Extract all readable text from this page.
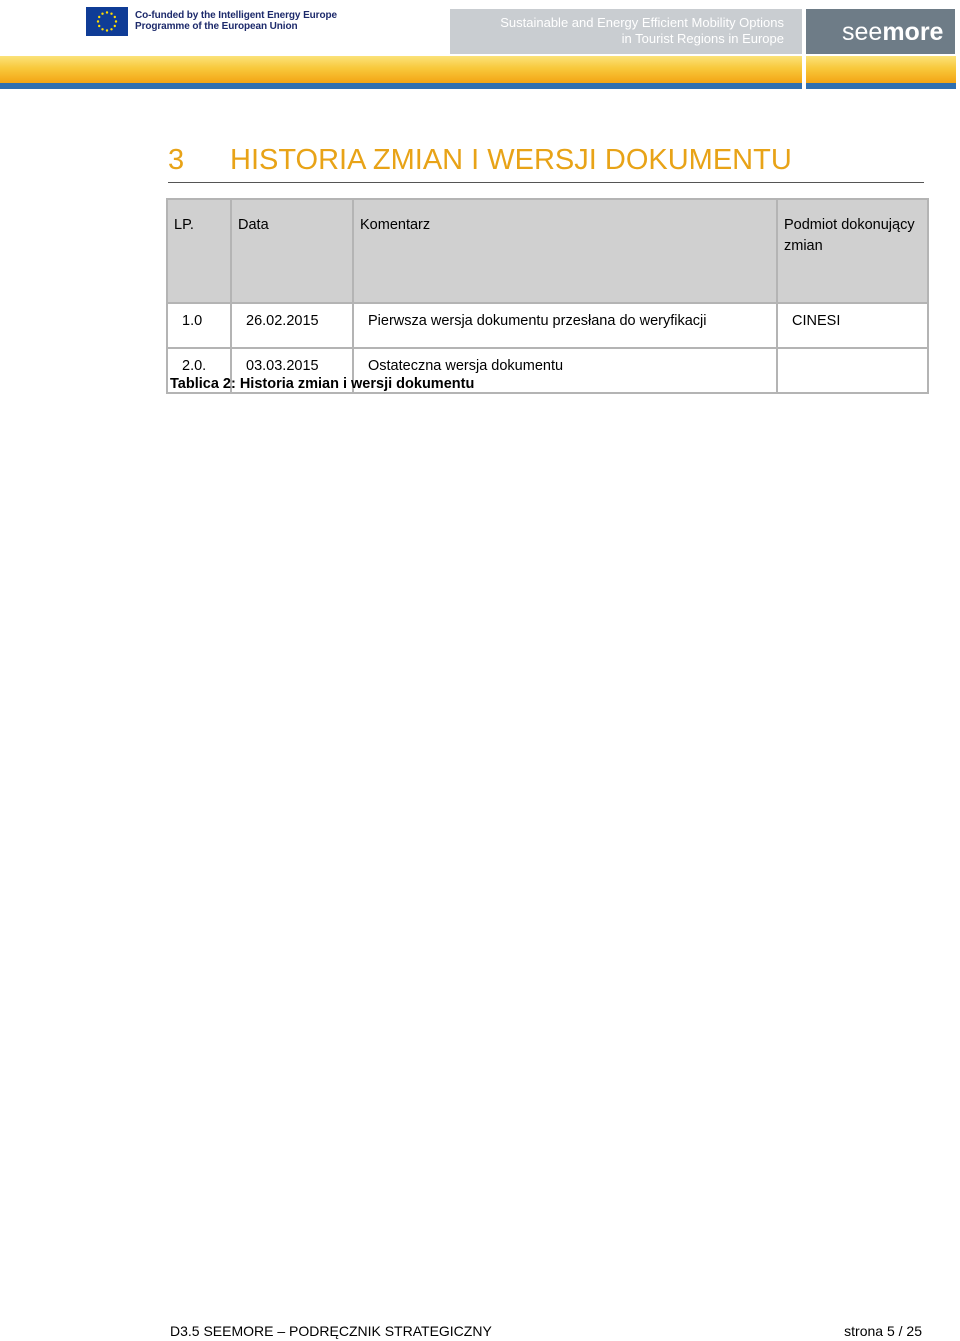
Co-funded by the Intelligent Energy Europe
Programme of the European Union	Sustainable and Energy Efficient Mobility Options
in Tourist Regions in Europe seemore
3 HISTORIA ZMIAN I WERSJI DOKUMENTU
LP.	Data	Komentarz	Podmiot dokonujący zmian
1.0	26.02.2015	Pierwsza wersja dokumentu przesłana do weryfikacji	CINESI
2.0.	03.03.2015	Ostateczna wersja dokumentu	
Tablica 2: Historia zmian i wersji dokumentu
D3.5 SEEMORE – PODRĘCZNIK STRATEGICZNY	strona 5 / 25
